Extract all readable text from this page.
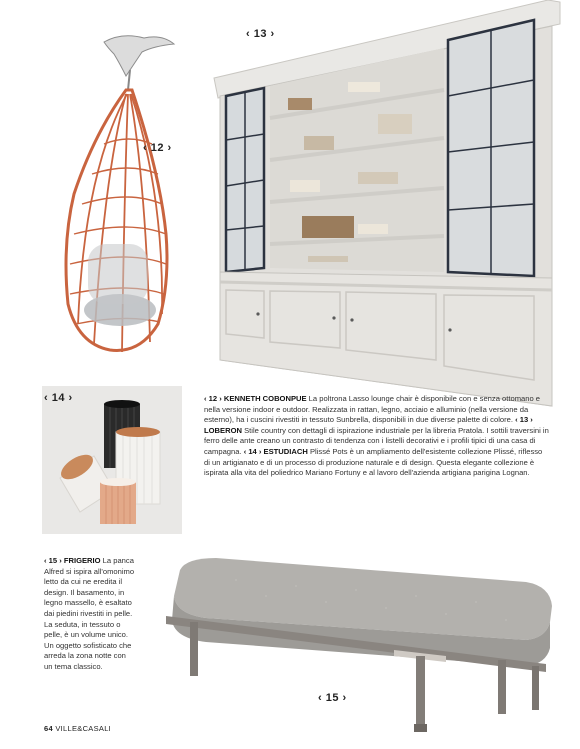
‹ 12 ›
‹ 13 ›
‹ 14 ›	‹ 12 › KENNETH COBONPUE La poltrona Lasso lounge chair è disponibile con e senza ottomano e nella versione indoor e outdoor. Realizzata in rattan, legno, acciaio e alluminio (nella versione da esterno), ha i cuscini rivestiti in tessuto Sunbrella, disponibili in due diverse palette di colore. ‹ 13 › LOBERON Stile country con dettagli di ispirazione industriale per la libreria Pratola. I sottili traversini in ferro delle ante creano un contrasto di tendenza con i listelli decorativi e i profili tipici di una casa di campagna. ‹ 14 › ESTUDIACH Plissé Pots è un ampliamento dell'esistente collezione Plissé, riflesso di un artigianato e di un processo di produzione naturale e di design. Questa elegante collezione è ispirata alla vita del poliedrico Mariano Fortuny e al lavoro dell'azienda artigiana parigina Lognan.
‹ 15 › FRIGERIO La panca Alfred si ispira all'omonimo letto da cui ne eredita il design. Il basamento, in legno massello, è esaltato dai piedini rivestiti in pelle. La seduta, in tessuto o pelle, è un volume unico. Un oggetto sofisticato che arreda la zona notte con un tema classico.
‹ 15 ›
64 VILLE&CASALI
